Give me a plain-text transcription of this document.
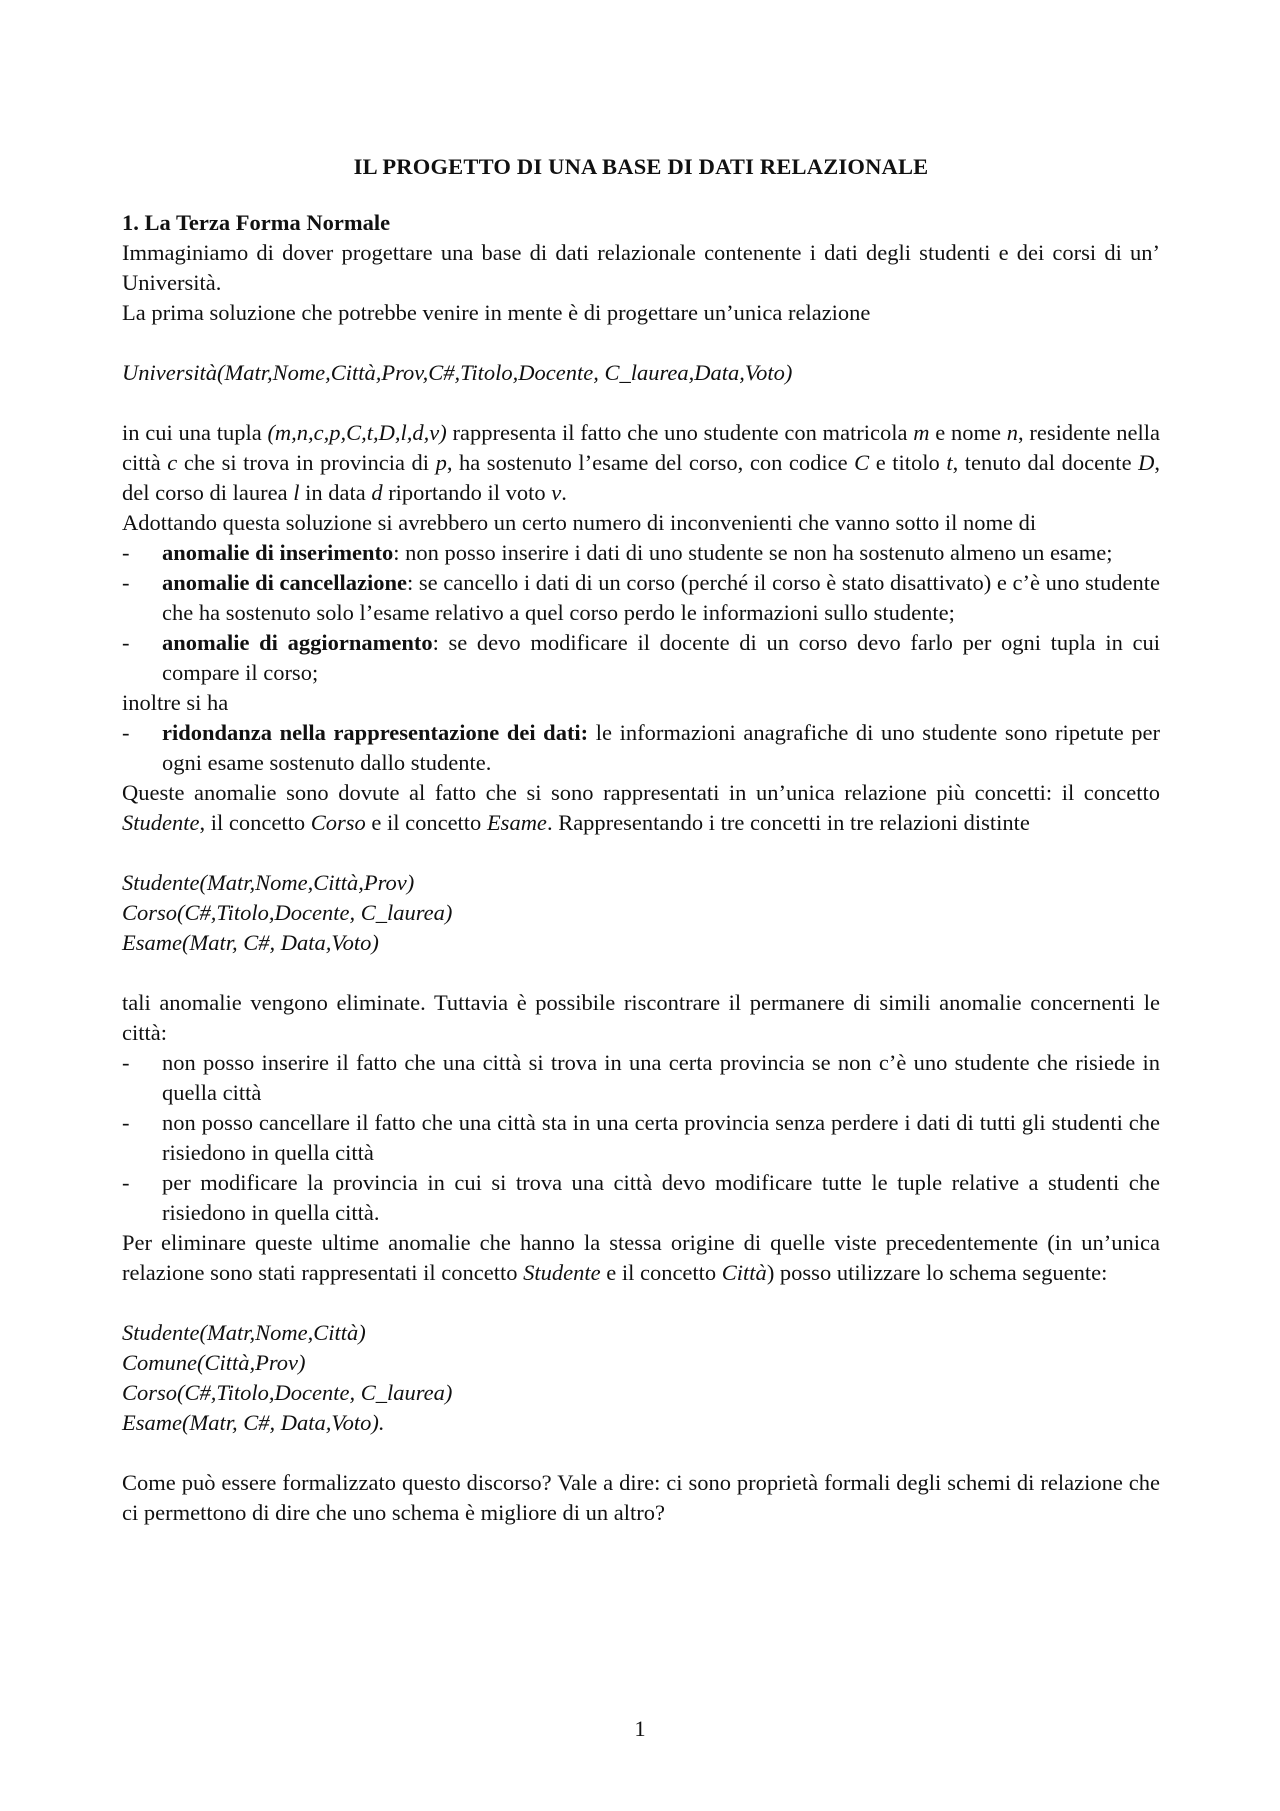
IL PROGETTO DI UNA BASE DI DATI RELAZIONALE
1. La Terza Forma Normale

Immaginiamo di dover progettare una base di dati relazionale contenente i dati degli studenti e dei corsi di un’ Università.

La prima soluzione che potrebbe venire in mente è di progettare un’unica relazione

Università(Matr,Nome,Città,Prov,C#,Titolo,Docente, C_laurea,Data,Voto)

in cui una tupla (m,n,c,p,C,t,D,l,d,v) rappresenta il fatto che uno studente con matricola m e nome n, residente nella città c che si trova in provincia di p, ha sostenuto l’esame del corso, con codice C e titolo t, tenuto dal docente D, del corso di laurea l in data d riportando il voto v.

Adottando questa soluzione si avrebbero un certo numero di inconvenienti che vanno sotto il nome di

- anomalie di inserimento: non posso inserire i dati di uno studente se non ha sostenuto almeno un esame;
- anomalie di cancellazione: se cancello i dati di un corso (perché il corso è stato disattivato) e c’è uno studente che ha sostenuto solo l’esame relativo a quel corso perdo le informazioni sullo studente;
- anomalie di aggiornamento: se devo modificare il docente di un corso devo farlo per ogni tupla in cui compare il corso;

inoltre si ha

- ridondanza nella rappresentazione dei dati: le informazioni anagrafiche di uno studente sono ripetute per ogni esame sostenuto dallo studente.

Queste anomalie sono dovute al fatto che si sono rappresentati in un’unica relazione più concetti: il concetto Studente, il concetto Corso e il concetto Esame. Rappresentando i tre concetti in tre relazioni distinte

Studente(Matr,Nome,Città,Prov)

Corso(C#,Titolo,Docente, C_laurea)

Esame(Matr, C#, Data,Voto)

tali anomalie vengono eliminate. Tuttavia è possibile riscontrare il permanere di simili anomalie concernenti le città:

- non posso inserire il fatto che una città si trova in una certa provincia se non c’è uno studente che risiede in quella città
- non posso cancellare il fatto che una città sta in una certa provincia senza perdere i dati di tutti gli studenti che risiedono in quella città
- per modificare la provincia in cui si trova una città devo modificare tutte le tuple relative a studenti che risiedono in quella città.

Per eliminare queste ultime anomalie che hanno la stessa origine di quelle viste precedentemente (in un’unica relazione sono stati rappresentati il concetto Studente e il concetto Città) posso utilizzare lo schema seguente:

Studente(Matr,Nome,Città)

Comune(Città,Prov)

Corso(C#,Titolo,Docente, C_laurea)

Esame(Matr, C#, Data,Voto).

Come può essere formalizzato questo discorso? Vale a dire: ci sono proprietà formali degli schemi di relazione che ci permettono di dire che uno schema è migliore di un altro?

1
